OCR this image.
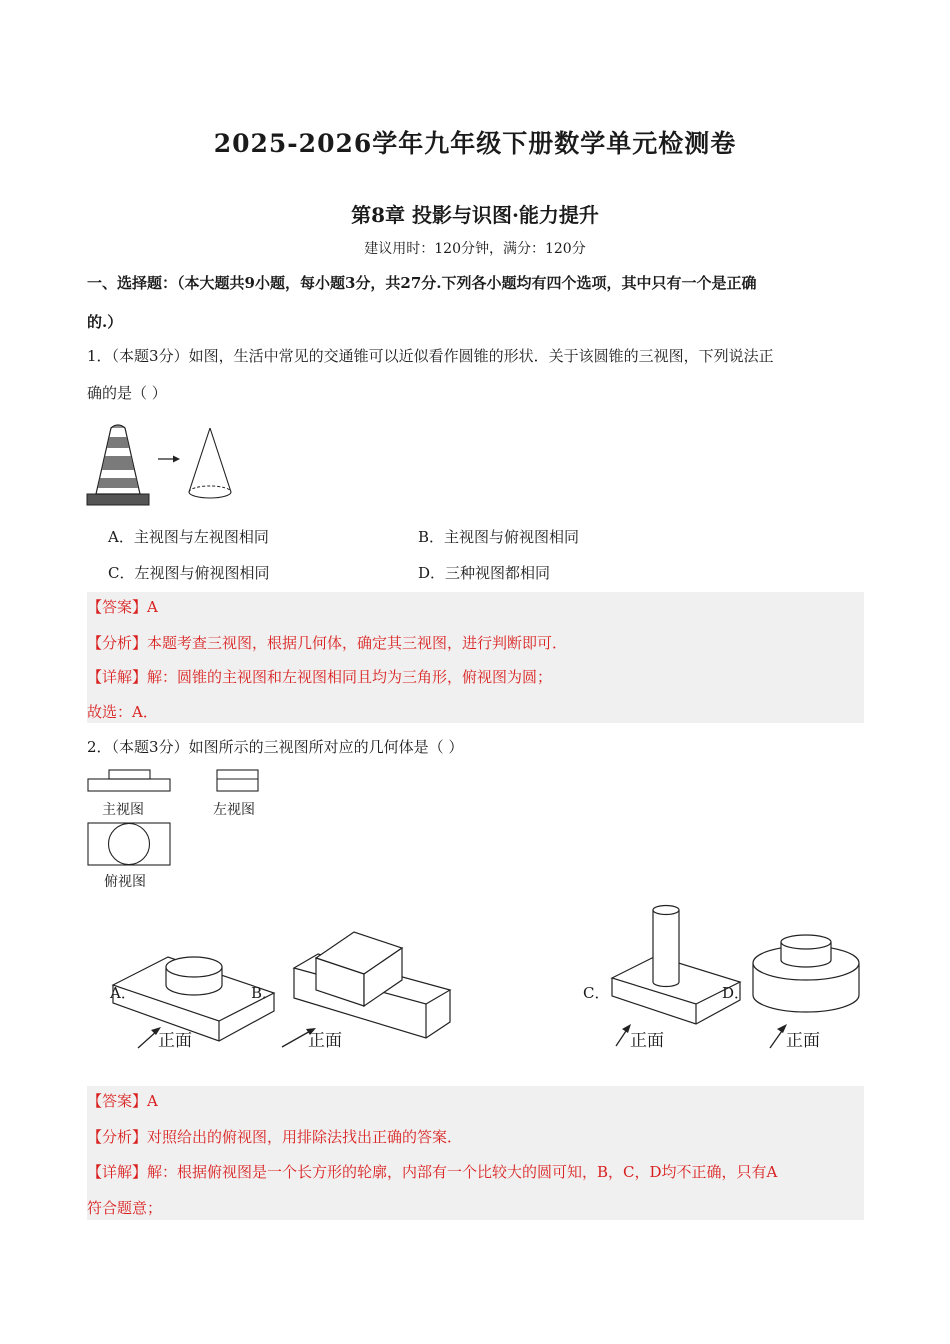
2025-2026学年九年级下册数学单元检测卷
第8章 投影与识图·能力提升
建议用时：120分钟，满分：120分
一、选择题：（本大题共9小题，每小题3分，共27分.下列各小题均有四个选项，其中只有一个是正确
的.）
1．（本题3分）如图，生活中常见的交通锥可以近似看作圆锥的形状．关于该圆锥的三视图，下列说法正
确的是（ ）
A．主视图与左视图相同	B．主视图与俯视图相同
C．左视图与俯视图相同	D．三种视图都相同
【答案】A
【分析】本题考查三视图，根据几何体，确定其三视图，进行判断即可．
【详解】解：圆锥的主视图和左视图相同且均为三角形，俯视图为圆；
故选：A．
2．（本题3分）如图所示的三视图所对应的几何体是（ ）
主视图	左视图
俯视图
A．
正面
B．
正面
C．
正面
D．
正面
【答案】A
【分析】对照给出的俯视图，用排除法找出正确的答案．
【详解】解：根据俯视图是一个长方形的轮廓，内部有一个比较大的圆可知，B，C，D均不正确，只有A
符合题意；
